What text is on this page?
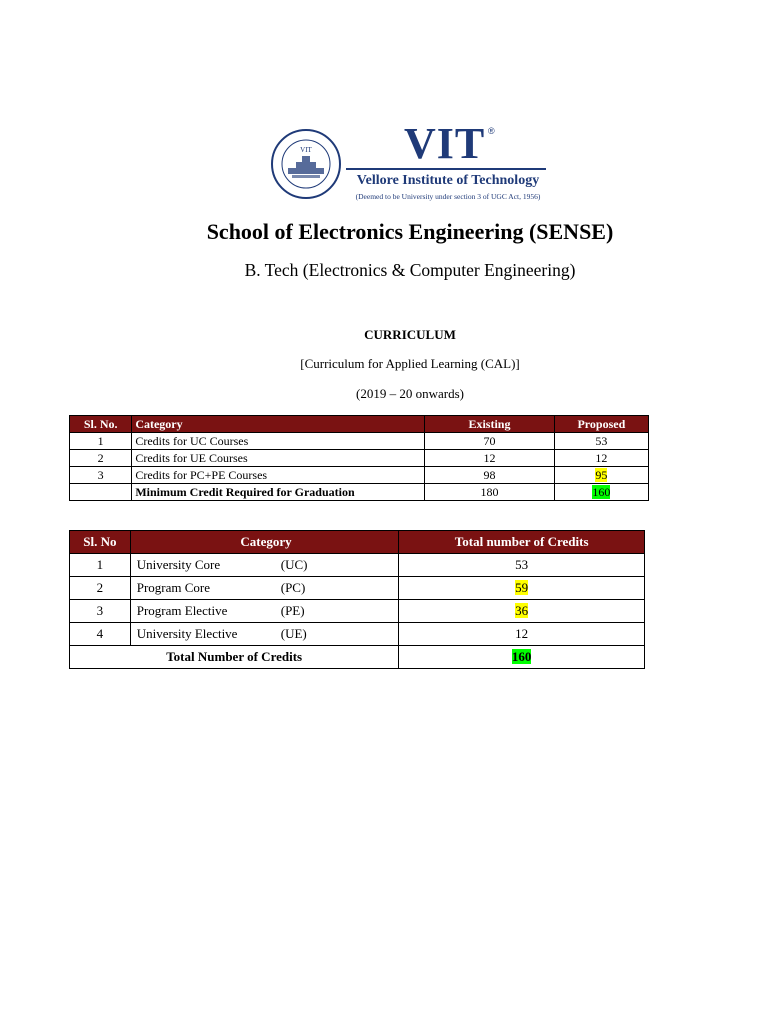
VIT VIT ®
Vellore Institute of Technology
(Deemed to be University under section 3 of UGC Act, 1956)
School of Electronics Engineering (SENSE)
B. Tech (Electronics & Computer Engineering)
CURRICULUM
[Curriculum for Applied Learning (CAL)]
(2019 – 20 onwards)
Sl. No.	Category	Existing	Proposed
1	Credits for UC Courses	70	53
2	Credits for UE Courses	12	12
3	Credits for PC+PE Courses	98	95
	Minimum Credit Required for Graduation	180	160
Sl. No	Category	Total number of Credits
1	University Core (UC)	53
2	Program Core (PC)	59
3	Program Elective (PE)	36
4	University Elective (UE)	12
Total Number of Credits		160
